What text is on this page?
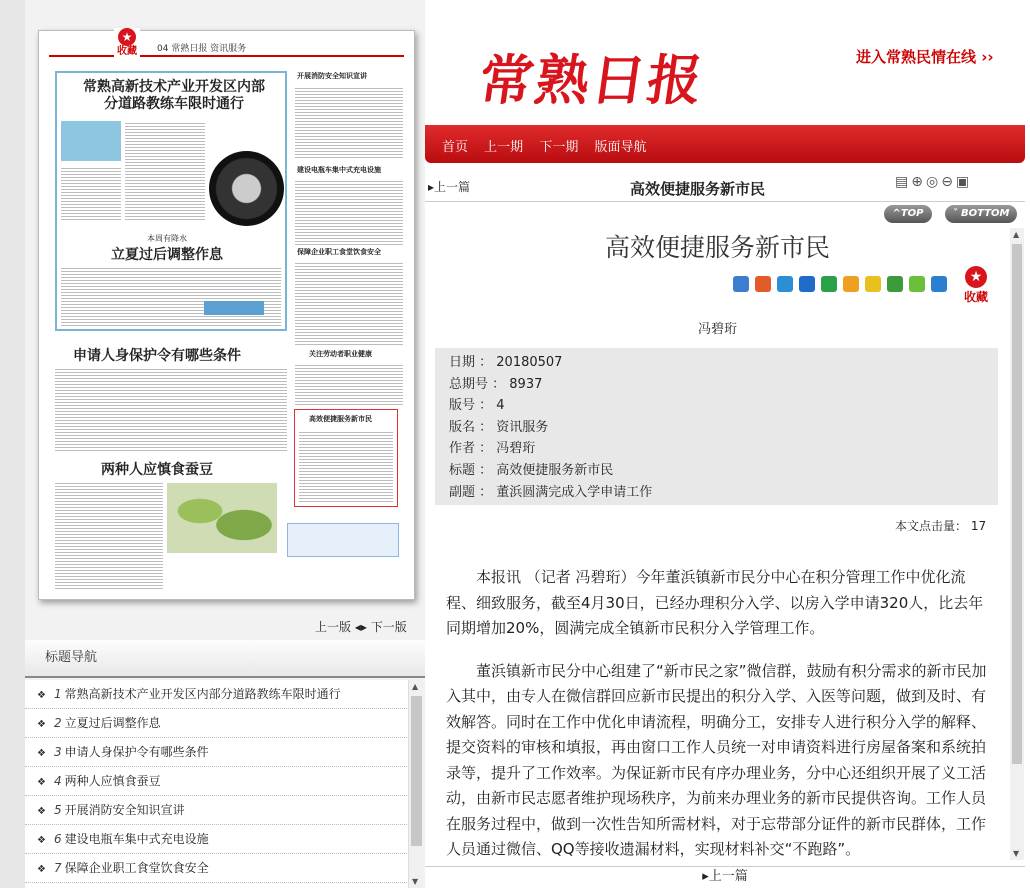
04 常熟日报 资讯服务
常熟高新技术产业开发区内部分道路教练车限时通行
本周有降水
立夏过后调整作息
开展消防安全知识宣讲
建设电瓶车集中式充电设施
保障企业职工食堂饮食安全
申请人身保护令有哪些条件	关注劳动者职业健康
高效便捷服务新市民
两种人应慎食蚕豆
★
收藏
上一版 ◂▸ 下一版
标题导航
❖ 1 常熟高新技术产业开发区内部分道路教练车限时通行
❖ 2 立夏过后调整作息
❖ 3 申请人身保护令有哪些条件
❖ 4 两种人应慎食蚕豆
❖ 5 开展消防安全知识宣讲
❖ 6 建设电瓶车集中式充电设施
❖ 7 保障企业职工食堂饮食安全
▲
▼
常熟日报	进入常熟民情在线 ››
首页 上一期 下一期 版面导航
▸上一篇	高效便捷服务新市民	▤⊕◎⊖▣
^TOP	˅ BOTTOM
高效便捷服务新市民
★
收藏
冯碧珩
日期 ： 20180507
总期号 ： 8937
版号 ： 4
版名 ： 资讯服务
作者 ： 冯碧珩
标题 ： 高效便捷服务新市民
副题 ： 董浜圆满完成入学申请工作
本文点击量： 17

本报讯 （记者 冯碧珩）今年董浜镇新市民分中心在积分管理工作中优化流程、细致服务，截至4月30日，已经办理积分入学、以房入学申请320人，比去年同期增加20%，圆满完成全镇新市民积分入学管理工作。

董浜镇新市民分中心组建了“新市民之家”微信群，鼓励有积分需求的新市民加入其中，由专人在微信群回应新市民提出的积分入学、入医等问题，做到及时、有效解答。同时在工作中优化申请流程，明确分工，安排专人进行积分入学的解释、提交资料的审核和填报，再由窗口工作人员统一对申请资料进行房屋备案和系统拍录等，提升了工作效率。为保证新市民有序办理业务，分中心还组织开展了义工活动，由新市民志愿者维护现场秩序，为前来办理业务的新市民提供咨询。工作人员在服务过程中，做到一次性告知所需材料，对于忘带部分证件的新市民群体，工作人员通过微信、QQ等接收遗漏材料，实现材料补交“不跑路”。

▲
▼
▸上一篇
